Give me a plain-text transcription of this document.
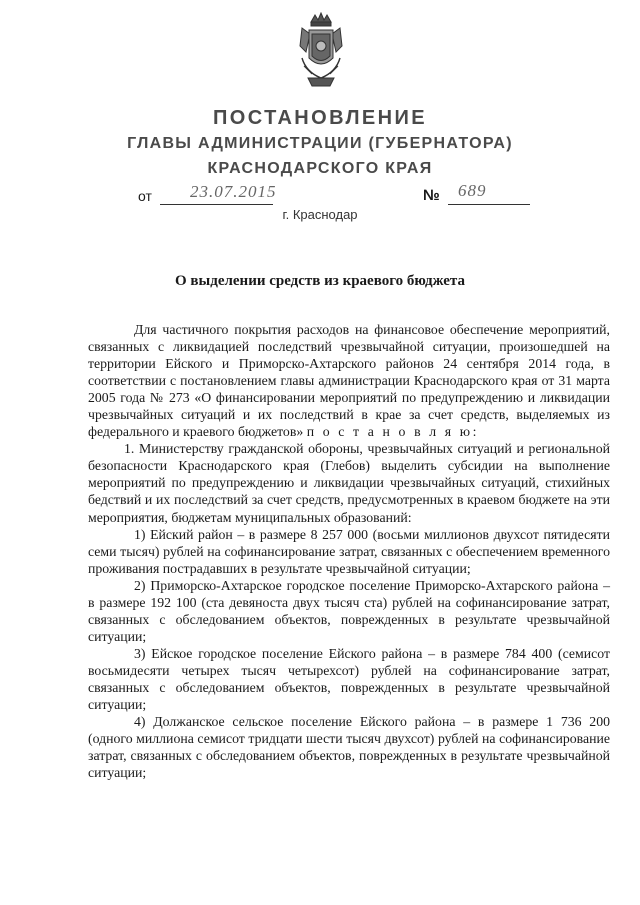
ПОСТАНОВЛЕНИЕ
ГЛАВЫ АДМИНИСТРАЦИИ (ГУБЕРНАТОРА)
КРАСНОДАРСКОГО КРАЯ
от 23.07.2015	№ 689
г. Краснодар
О выделении средств из краевого бюджета

Для частичного покрытия расходов на финансовое обеспечение мероприятий, связанных с ликвидацией последствий чрезвычайной ситуации, произошедшей на территории Ейского и Приморско-Ахтарского районов 24 сентября 2014 года, в соответствии с постановлением главы администрации Краснодарского края от 31 марта 2005 года № 273 «О финансировании мероприятий по предупреждению и ликвидации чрезвычайных ситуаций и их последствий в крае за счет средств, выделяемых из федерального и краевого бюджетов» п о с т а н о в л я ю:

1. Министерству гражданской обороны, чрезвычайных ситуаций и региональной безопасности Краснодарского края (Глебов) выделить субсидии на выполнение мероприятий по предупреждению и ликвидации чрезвычайных ситуаций, стихийных бедствий и их последствий за счет средств, предусмотренных в краевом бюджете на эти мероприятия, бюджетам муниципальных образований:

1) Ейский район – в размере 8 257 000 (восьми миллионов двухсот пятидесяти семи тысяч) рублей на софинансирование затрат, связанных с обеспечением временного проживания пострадавших в результате чрезвычайной ситуации;

2) Приморско-Ахтарское городское поселение Приморско-Ахтарского района – в размере 192 100 (ста девяноста двух тысяч ста) рублей на софинансирование затрат, связанных с обследованием объектов, поврежденных в результате чрезвычайной ситуации;

3) Ейское городское поселение Ейского района – в размере 784 400 (семисот восьмидесяти четырех тысяч четырехсот) рублей на софинансирование затрат, связанных с обследованием объектов, поврежденных в результате чрезвычайной ситуации;

4) Должанское сельское поселение Ейского района – в размере 1 736 200 (одного миллиона семисот тридцати шести тысяч двухсот) рублей на софинансирование затрат, связанных с обследованием объектов, поврежденных в результате чрезвычайной ситуации;
